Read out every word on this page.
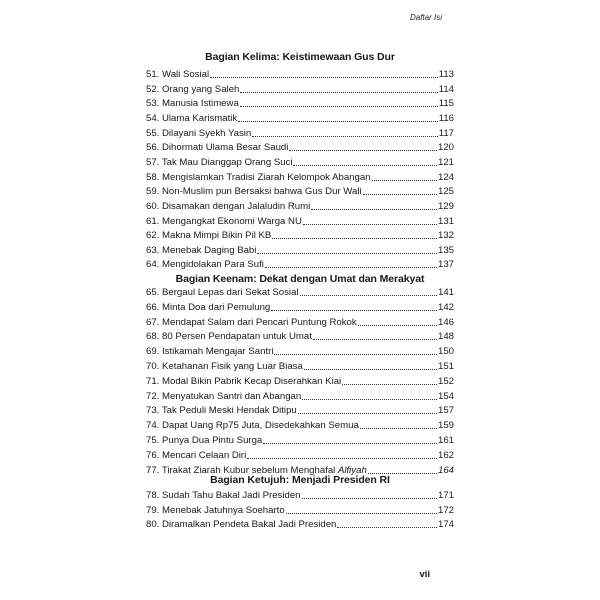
Daftar Isi
Bagian Kelima: Keistimewaan Gus Dur
Bagian Keenam: Dekat dengan Umat dan Merakyat
Bagian Ketujuh: Menjadi Presiden RI
51. Wali Sosial	113
52. Orang yang Saleh	114
53. Manusia Istimewa	115
54. Ulama Karismatik	116
55. Dilayani Syekh Yasin	117
56. Dihormati Ulama Besar Saudi	120
57. Tak Mau Dianggap Orang Suci	121
58. Mengislamkan Tradisi Ziarah Kelompok Abangan	124
59. Non-Muslim pun Bersaksi bahwa Gus Dur Wali	125
60. Disamakan dengan Jalaludin Rumi	129
61. Mengangkat Ekonomi Warga NU	131
62. Makna Mimpi Bikin Pil KB	132
63. Menebak Daging Babi	135
64. Mengidolakan Para Sufi	137
65. Bergaul Lepas dari Sekat Sosial	141
66. Minta Doa dari Pemulung	142
67. Mendapat Salam dari Pencari Puntung Rokok	146
68. 80 Persen Pendapatan untuk Umat	148
69. Istikamah Mengajar Santri	150
70. Ketahanan Fisik yang Luar Biasa	151
71. Modal Bikin Pabrik Kecap Diserahkan Kiai	152
72. Menyatukan Santri dan Abangan	154
73. Tak Peduli Meski Hendak Ditipu	157
74. Dapat Uang Rp75 Juta, Disedekahkan Semua	159
75. Punya Dua Pintu Surga	161
76. Mencari Celaan Diri	162
77. Tirakat Ziarah Kubur sebelum Menghafal Alfiyah	164
78. Sudah Tahu Bakal Jadi Presiden	171
79. Menebak Jatuhnya Soeharto	172
80. Diramalkan Pendeta Bakal Jadi Presiden	174
vii
